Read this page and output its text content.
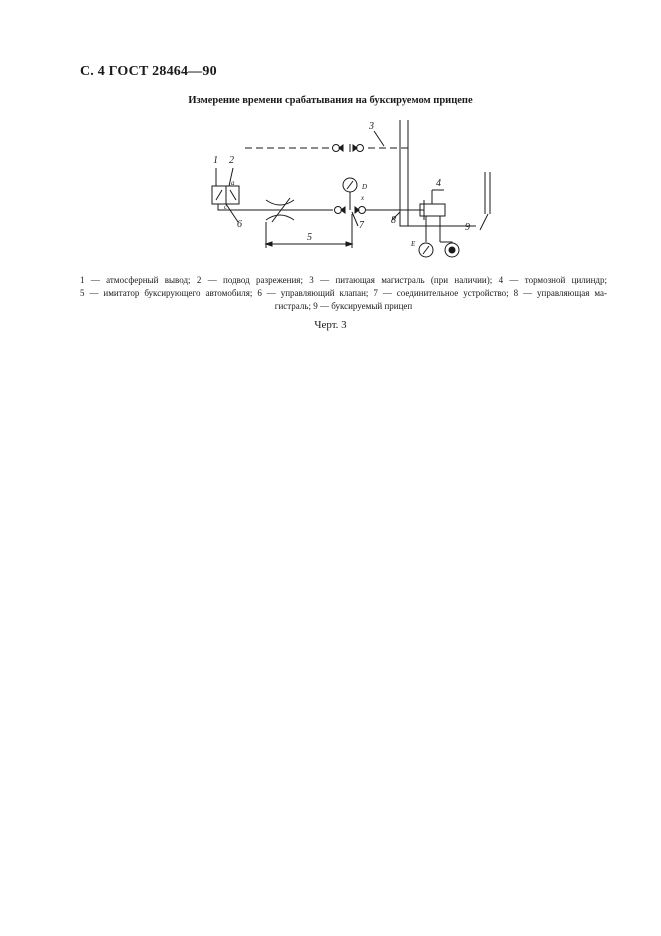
С. 4 ГОСТ 28464—90
Измерение времени срабатывания на буксируемом прицепе
1 2
3
4
5
6	7	8
9
a
c
D
x
E
1 — атмосферный вывод; 2 — подвод разрежения; 3 — питающая магистраль (при наличии); 4 — тормозной цилиндр;
5 — имитатор буксирующего автомобиля; 6 — управляющий клапан; 7 — соединительное устройство; 8 — управляющая ма-
гистраль; 9 — буксируемый прицеп
Черт. 3
